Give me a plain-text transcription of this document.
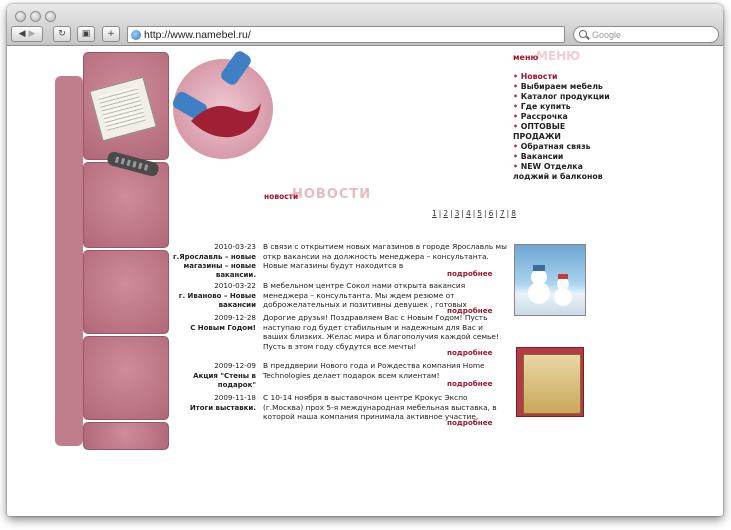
◀
▶	↻ ▣ +	http://www.namebel.ru/	Google
НОВОСТИ
новости
1 | 2 | 3 | 4 | 5 | 6 | 7 | 8
2010-03-23
г.Ярославль – новые магазины – новые вакансии.
В связи с открытием новых магазинов в городе Ярославль мы откр вакансии на должность менеджера – консультанта. Новые магазины будут находится в
подробнее
2010-03-22
г. Иваново – Новые вакансии
В мебельном центре Сокол нами открыта вакансия менеджера – консультанта. Мы ждем резюме от доброжелательных и позитивны девушек , готовых
подробнее
2009-12-28
С Новым Годом!
Дорогие друзья! Поздравляем Вас с Новым Годом! Пусть наступаю год будет стабильным и надежным для Вас и ваших близких. Желас мира и благополучия каждой семье! Пусть в этом году сбудутся все мечты!
подробнее
2009-12-09
Акция "Стены в подарок"
В преддверии Нового года и Рождества компания Home Technologies делает подарок всем клиентам!
подробнее
2009-11-18
Итоги выставки.
С 10-14 ноября в выставочном центре Крокус Экспо (г.Москва) прох 5-я международная мебельная выставка, в которой наша компания принимала активное участие.
подробнее
МЕНЮ
меню
• Новости
• Выбираем мебель
• Каталог продукции
• Где купить
• Рассрочка
• ОПТОВЫЕ ПРОДАЖИ
• Обратная связь
• Вакансии
• NEW Отделка лоджий и балконов
